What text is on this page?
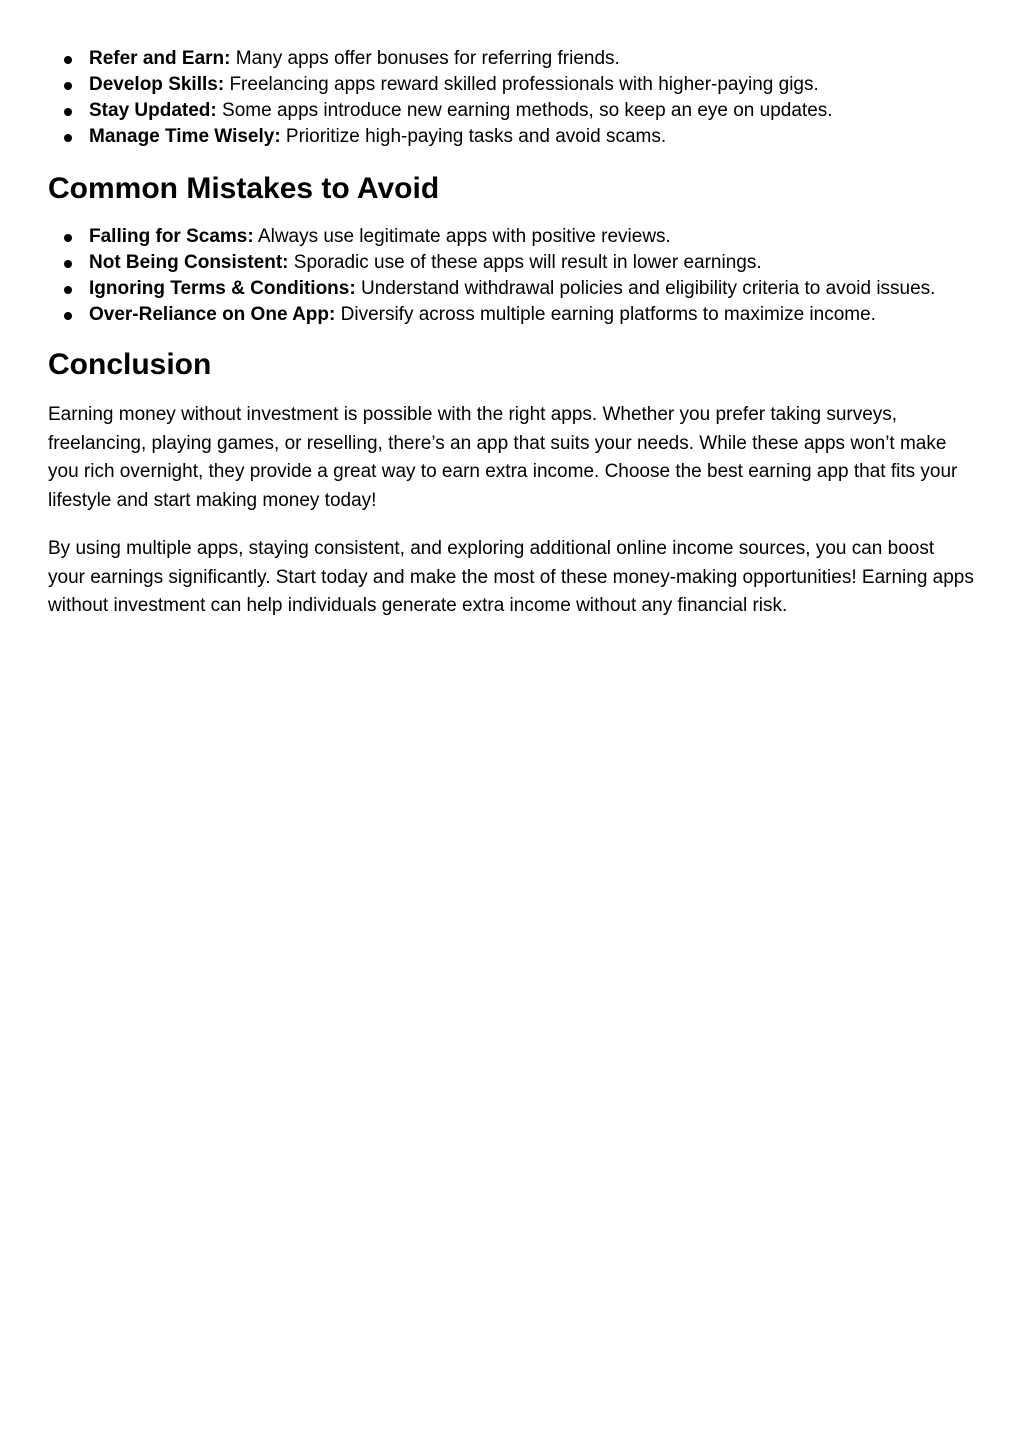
Refer and Earn: Many apps offer bonuses for referring friends.
Develop Skills: Freelancing apps reward skilled professionals with higher-paying gigs.
Stay Updated: Some apps introduce new earning methods, so keep an eye on updates.
Manage Time Wisely: Prioritize high-paying tasks and avoid scams.
Common Mistakes to Avoid
Falling for Scams: Always use legitimate apps with positive reviews.
Not Being Consistent: Sporadic use of these apps will result in lower earnings.
Ignoring Terms & Conditions: Understand withdrawal policies and eligibility criteria to avoid issues.
Over-Reliance on One App: Diversify across multiple earning platforms to maximize income.
Conclusion

Earning money without investment is possible with the right apps. Whether you prefer taking surveys, freelancing, playing games, or reselling, there’s an app that suits your needs. While these apps won’t make you rich overnight, they provide a great way to earn extra income. Choose the best earning app that fits your lifestyle and start making money today!

By using multiple apps, staying consistent, and exploring additional online income sources, you can boost your earnings significantly. Start today and make the most of these money-making opportunities! Earning apps without investment can help individuals generate extra income without any financial risk.
